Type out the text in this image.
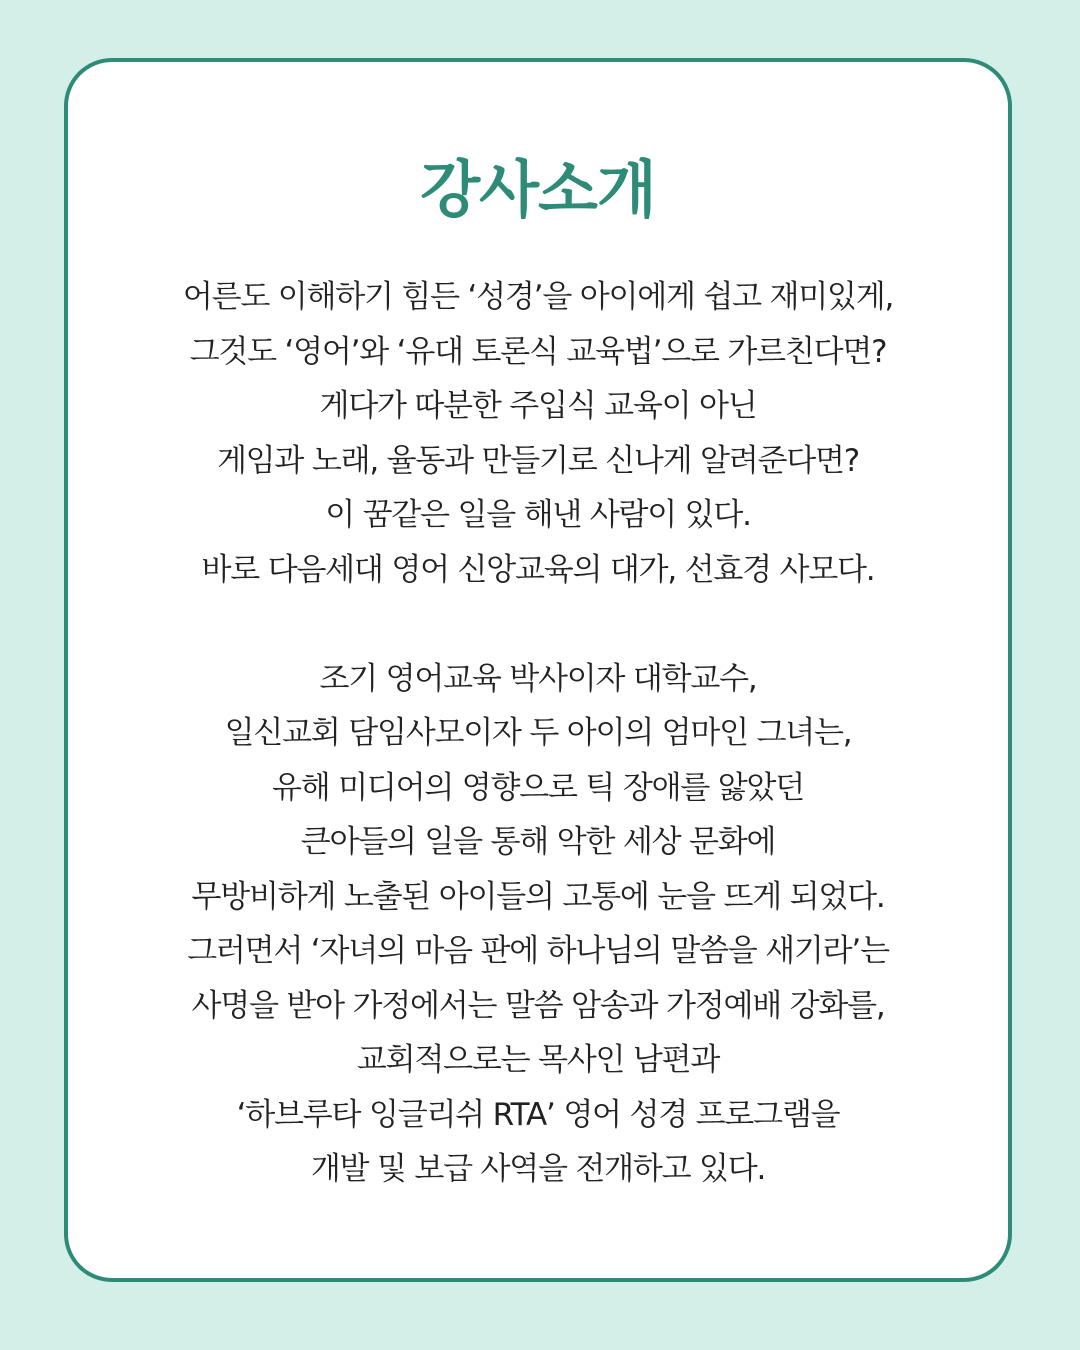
강사소개

어른도 이해하기 힘든 ‘성경’을 아이에게 쉽고 재미있게,
그것도 ‘영어’와 ‘유대 토론식 교육법’으로 가르친다면?
게다가 따분한 주입식 교육이 아닌
게임과 노래, 율동과 만들기로 신나게 알려준다면?
이 꿈같은 일을 해낸 사람이 있다.
바로 다음세대 영어 신앙교육의 대가, 선효경 사모다.

조기 영어교육 박사이자 대학교수,
일신교회 담임사모이자 두 아이의 엄마인 그녀는,
유해 미디어의 영향으로 틱 장애를 앓았던
큰아들의 일을 통해 악한 세상 문화에
무방비하게 노출된 아이들의 고통에 눈을 뜨게 되었다.
그러면서 ‘자녀의 마음 판에 하나님의 말씀을 새기라’는
사명을 받아 가정에서는 말씀 암송과 가정예배 강화를,
교회적으로는 목사인 남편과
‘하브루타 잉글리쉬 RTA’ 영어 성경 프로그램을
개발 및 보급 사역을 전개하고 있다.
